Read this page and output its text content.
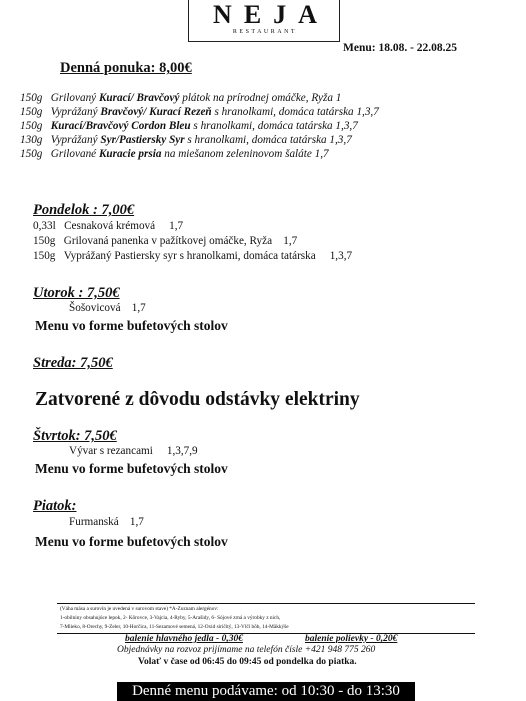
NEJA
RESTAURANT
Menu: 18.08. - 22.08.25
Denná ponuka: 8,00€
150g Grilovaný Kurací/ Bravčový plátok na prírodnej omáčke, Ryža 1
150g Vyprážaný Bravčový/ Kurací Rezeň s hranolkami, domáca tatárska 1,3,7
150g Kurací/Bravčový Cordon Bleu s hranolkami, domáca tatárska 1,3,7
130g Vyprážaný Syr/Pastiersky Syr s hranolkami, domáca tatárska 1,3,7
150g Grilované Kuracie prsia na miešanom zeleninovom šaláte 1,7
Pondelok : 7,00€
0,33l Cesnaková krémová 1,7
150g Grilovaná panenka v pažítkovej omáčke, Ryža 1,7
150g Vyprážaný Pastiersky syr s hranolkami, domáca tatárska 1,3,7
Utorok : 7,50€
Šošovicová 1,7
Menu vo forme bufetových stolov
Streda: 7,50€
Zatvorené z dôvodu odstávky elektriny
Štvrtok: 7,50€
Vývar s rezancami 1,3,7,9
Menu vo forme bufetových stolov
Piatok:
Furmanská 1,7
Menu vo forme bufetových stolov
(Váha mäsa a surovín je uvedená v surovom stave) *A-Zoznam alergénov:
1-obilniny obsahujúce lepok, 2- Kôrovce, 3-Vajcia, 4-Ryby, 5-Arašidy, 6- Sójové zrná a výrobky z nich,
7-Mlieko, 8-Orechy, 9-Zeler, 10-Horčica, 11-Sezamové semená, 12-Oxid siričitý, 13-Vlčí bôb, 14-Mäkkýše
balenie hlavného jedla - 0,30€	balenie polievky - 0,20€
Objednávky na rozvoz prijímame na telefón čísle +421 948 775 260
Volať v čase od 06:45 do 09:45 od pondelka do piatka.
Denné menu podávame: od 10:30 - do 13:30
